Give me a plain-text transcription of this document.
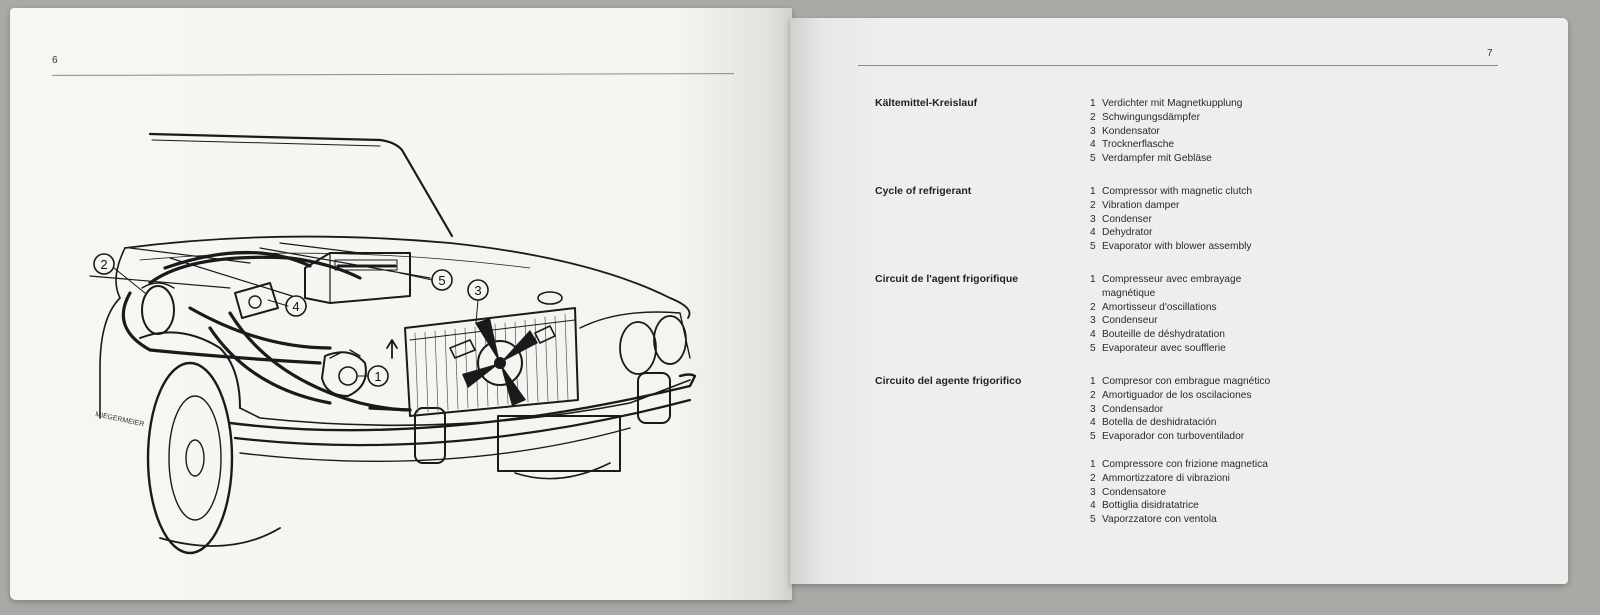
6
MIEGERMEIER
2
4
5
3
1
7
Kältemittel-Kreislauf	1 Verdichter mit Magnetkupplung
2 Schwingungsdämpfer
3 Kondensator
4 Trocknerflasche
5 Verdampfer mit Gebläse
Cycle of refrigerant	1 Compressor with magnetic clutch
2 Vibration damper
3 Condenser
4 Dehydrator
5 Evaporator with blower assembly
Circuit de l'agent frigorifique	1 Compresseur avec embrayage
magnétique
2 Amortisseur d'oscillations
3 Condenseur
4 Bouteille de déshydratation
5 Evaporateur avec soufflerie
Circuito del agente frigorifico	1 Compresor con embrague magnético
2 Amortiguador de los oscilaciones
3 Condensador
4 Botella de deshidratación
5 Evaporador con turboventilador
1 Compressore con frizione magnetica
2 Ammortizzatore di vibrazioni
3 Condensatore
4 Bottiglia disidratatrice
5 Vaporzzatore con ventola
